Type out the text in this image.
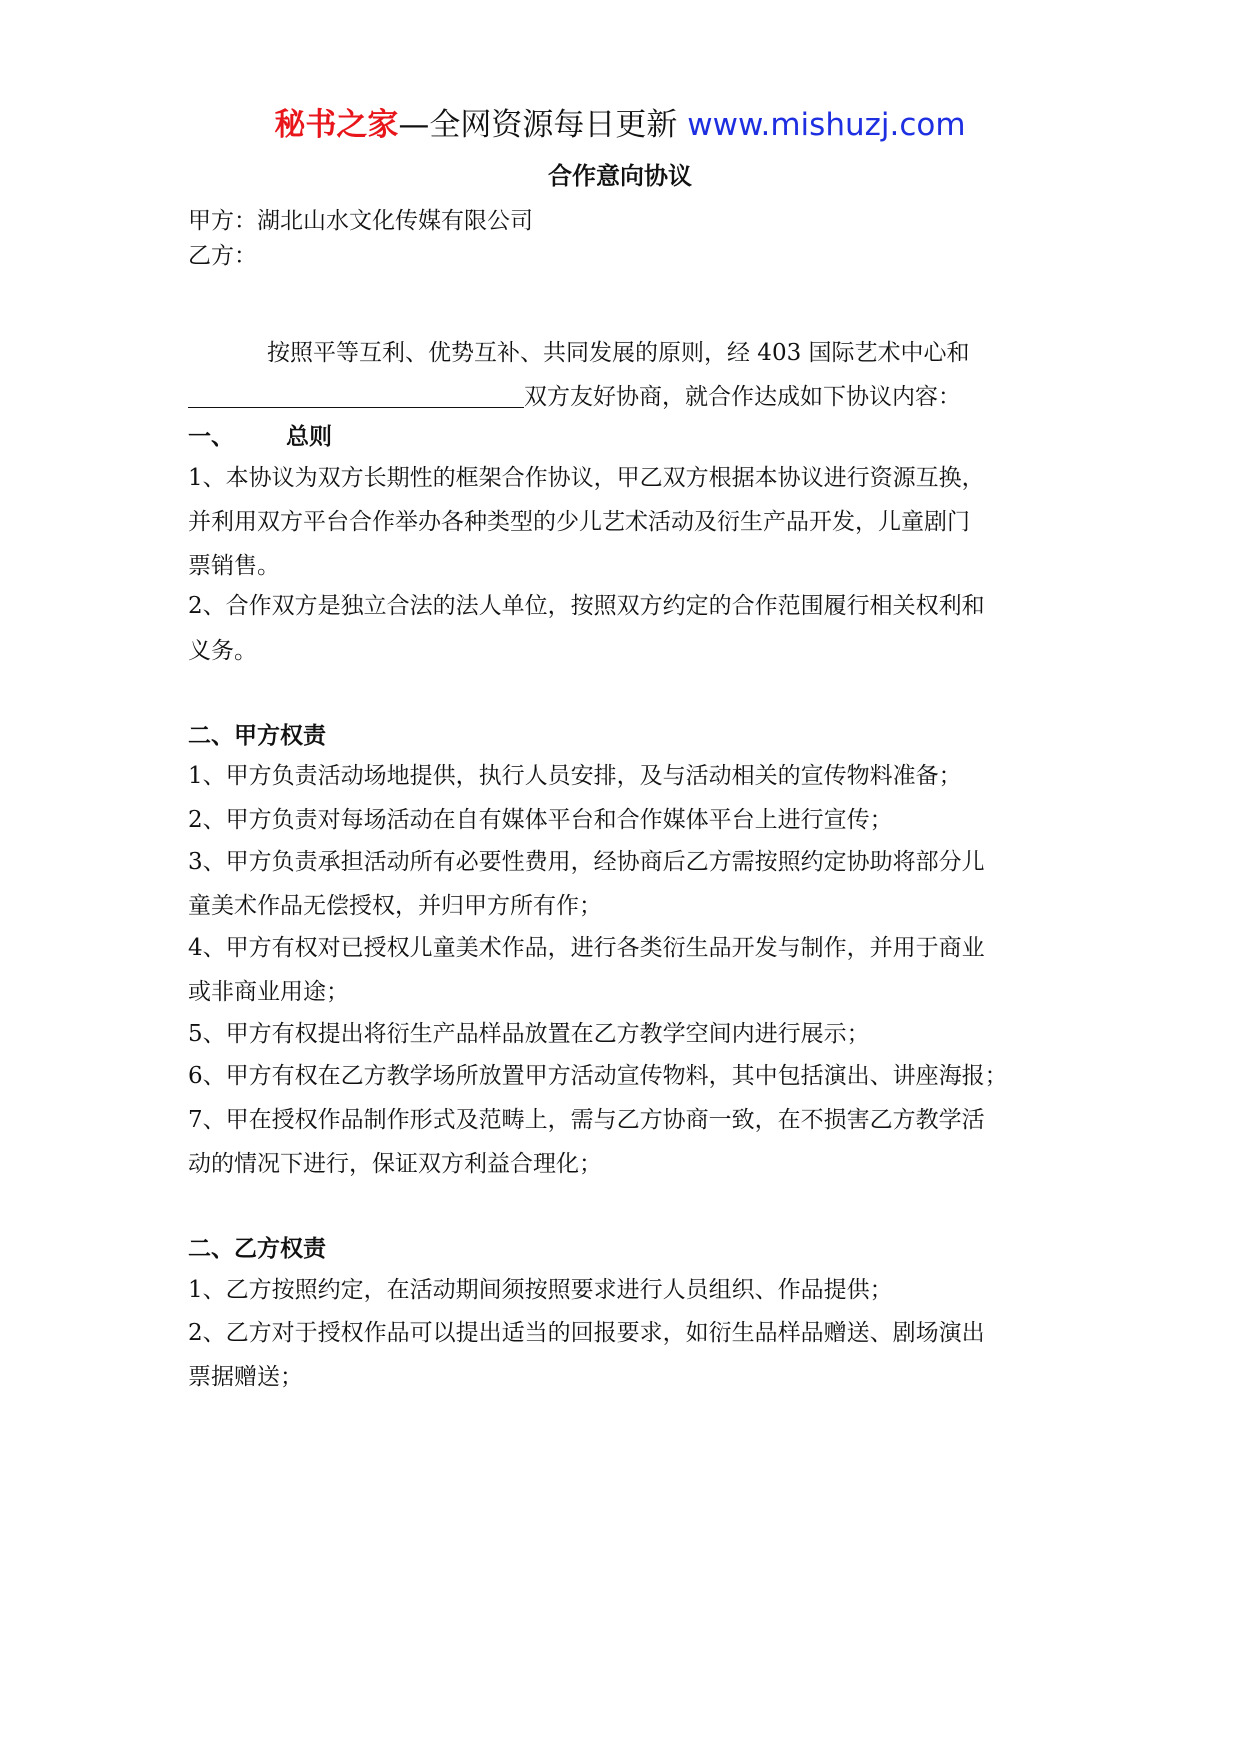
秘书之家—全网资源每日更新 www.mishuzj.com
合作意向协议
甲方：湖北山水文化传媒有限公司
乙方：
按照平等互利、优势互补、共同发展的原则，经 403 国际艺术中心和
双方友好协商，就合作达成如下协议内容：
一、 总则
1、本协议为双方长期性的框架合作协议，甲乙双方根据本协议进行资源互换，
并利用双方平台合作举办各种类型的少儿艺术活动及衍生产品开发，儿童剧门
票销售。
2、合作双方是独立合法的法人单位，按照双方约定的合作范围履行相关权利和
义务。
二、甲方权责
1、甲方负责活动场地提供，执行人员安排，及与活动相关的宣传物料准备；
2、甲方负责对每场活动在自有媒体平台和合作媒体平台上进行宣传；
3、甲方负责承担活动所有必要性费用，经协商后乙方需按照约定协助将部分儿
童美术作品无偿授权，并归甲方所有作；
4、甲方有权对已授权儿童美术作品，进行各类衍生品开发与制作，并用于商业
或非商业用途；
5、甲方有权提出将衍生产品样品放置在乙方教学空间内进行展示；
6、甲方有权在乙方教学场所放置甲方活动宣传物料，其中包括演出、讲座海报；
7、甲在授权作品制作形式及范畴上，需与乙方协商一致，在不损害乙方教学活
动的情况下进行，保证双方利益合理化；
二、乙方权责
1、乙方按照约定，在活动期间须按照要求进行人员组织、作品提供；
2、乙方对于授权作品可以提出适当的回报要求，如衍生品样品赠送、剧场演出
票据赠送；
